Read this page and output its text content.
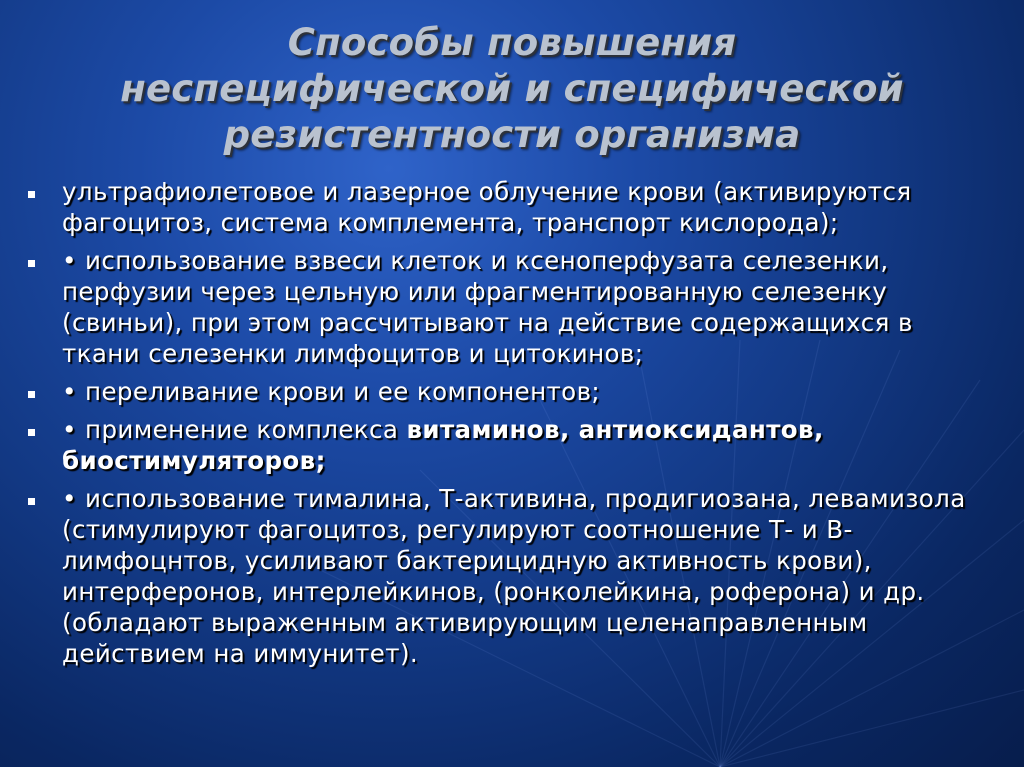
Способы повышения
неспецифической и специфической
резистентности организма
ультрафиолетовое и лазерное облучение крови (активируются фагоцитоз, система комплемента, транспорт кислорода);
• использование взвеси клеток и ксеноперфузата селезенки, перфузии через цельную или фрагментированную селезенку (свиньи), при этом рассчитывают на действие содержащихся в ткани селезенки лимфоцитов и цитокинов;
• переливание крови и ее компонентов;
• применение комплекса витаминов, антиоксидантов, биостимуляторов;
• использование тималина, Т-активина, продигиозана, левамизола (стимулируют фагоцитоз, регулируют соотношение Т- и В-лимфоцнтов, усиливают бактерицидную активность крови), интерферонов, интерлейкинов, (ронколейкина, роферона) и др. (обладают выраженным активирующим целенаправленным действием на иммунитет).
